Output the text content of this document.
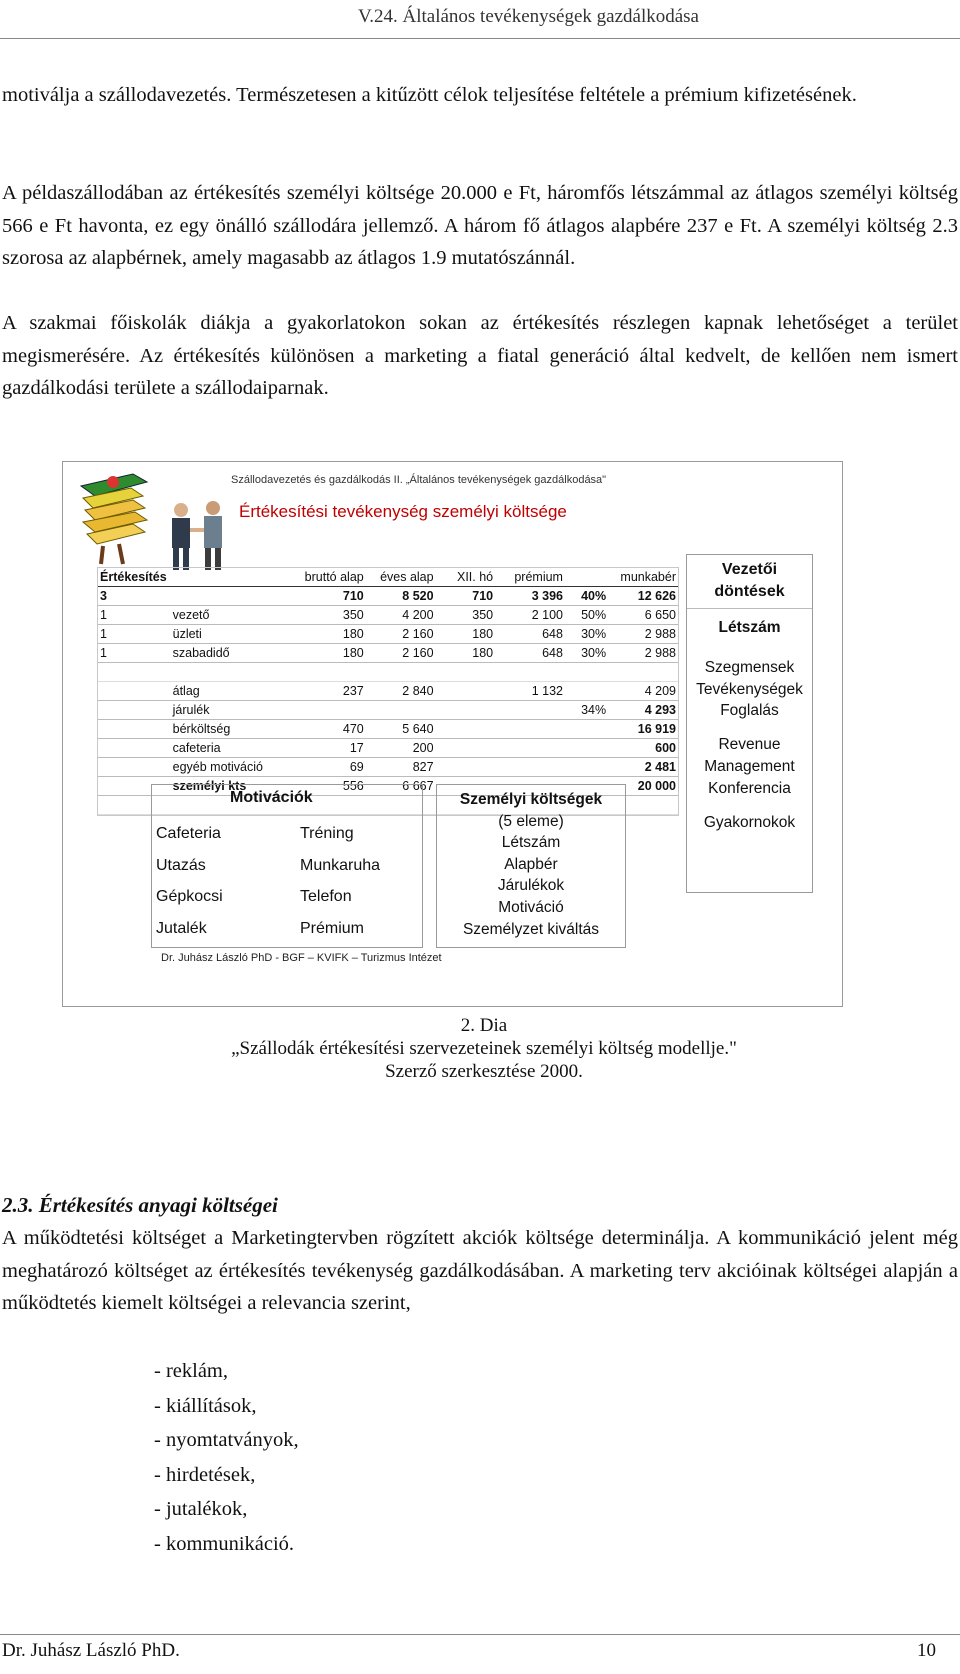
V.24. Általános tevékenységek gazdálkodása

motiválja a szállodavezetés. Természetesen a kitűzött célok teljesítése feltétele a prémium kifizetésének.

A példaszállodában az értékesítés személyi költsége 20.000 e Ft, háromfős létszámmal az átlagos személyi költség 566 e Ft havonta, ez egy önálló szállodára jellemző. A három fő átlagos alapbére 237 e Ft. A személyi költség 2.3 szorosa az alapbérnek, amely magasabb az átlagos 1.9 mutatószánnál.

A szakmai főiskolák diákja a gyakorlatokon sokan az értékesítés részlegen kapnak lehetőséget a terület megismerésére. Az értékesítés különösen a marketing a fiatal generáció által kedvelt, de kellően nem ismert gazdálkodási területe a szállodaiparnak.

Szállodavezetés és gazdálkodás II. „Általános tevékenységek gazdálkodása"
Értékesítési tevékenység személyi költsége
Értékesítés		bruttó alap	éves alap	XII. hó	prémium		munkabér
3		710	8 520	710	3 396	40%	12 626
1	vezető	350	4 200	350	2 100	50%	6 650
1	üzleti	180	2 160	180	648	30%	2 988
1	szabadidő	180	2 160	180	648	30%	2 988

	átlag	237	2 840		1 132		4 209
	járulék					34%	4 293
	bérköltség	470	5 640				16 919
	cafeteria	17	200				600
	egyéb motiváció	69	827				2 481
	személyi kts	556	6 667				20 000

Vezetői
döntések
Létszám
Szegmensek
Tevékenységek
Foglalás
Revenue
Management
Konferencia
Gyakornokok
Motivációk
Cafeteria
Utazás
Gépkocsi
Jutalék
Tréning
Munkaruha
Telefon
Prémium
Személyi költségek
(5 eleme)
Létszám
Alapbér
Járulékok
Motiváció
Személyzet kiváltás
Dr. Juhász László PhD - BGF – KVIFK – Turizmus Intézet
2. Dia
„Szállodák értékesítési szervezeteinek személyi költség modellje."
Szerző szerkesztése 2000.
2.3. Értékesítés anyagi költségei

A működtetési költséget a Marketingtervben rögzített akciók költsége determinálja. A kommunikáció jelent még meghatározó költséget az értékesítés tevékenység gazdálkodásában. A marketing terv akcióinak költségei alapján a működtetés kiemelt költségei a relevancia szerint,

- reklám,
- kiállítások,
- nyomtatványok,
- hirdetések,
- jutalékok,
- kommunikáció.
Dr. Juhász László PhD.	10
